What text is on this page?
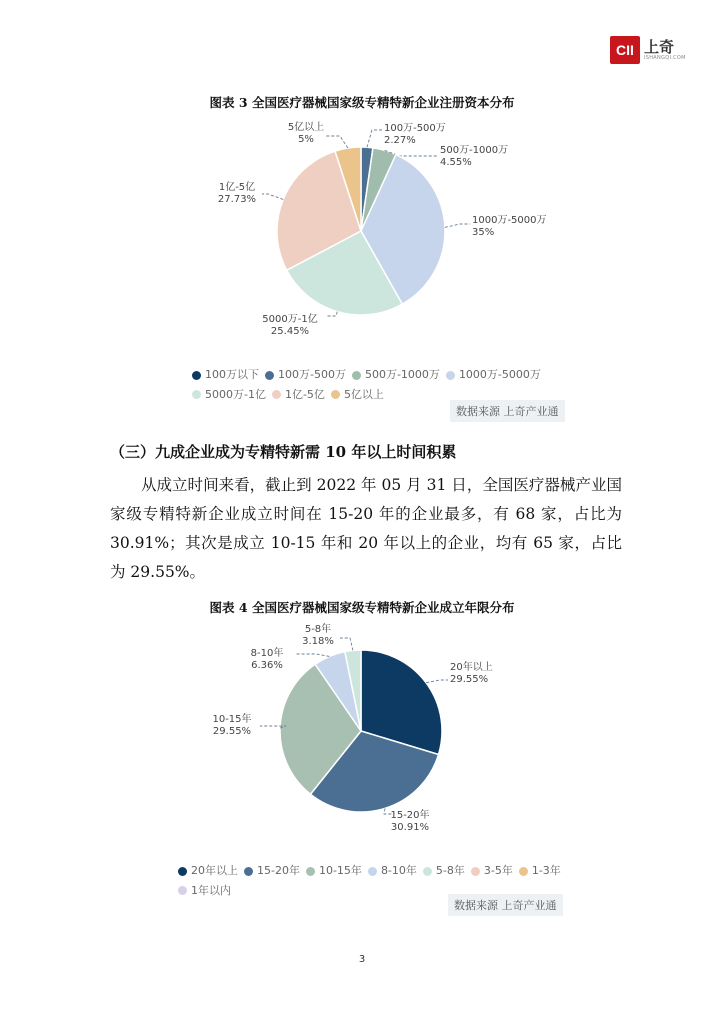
CII 上奇
ISHANGQI.COM
图表 3 全国医疗器械国家级专精特新企业注册资本分布
100万-500万
2.27%
500万-1000万
4.55%
1000万-5000万
35%
5000万-1亿
25.45%
1亿-5亿
27.73%
5亿以上
5%
100万以下 100万-500万 500万-1000万 1000万-5000万
5000万-1亿 1亿-5亿 5亿以上
数据来源 上奇产业通
（三）九成企业成为专精特新需 10 年以上时间积累

从成立时间来看，截止到 2022 年 05 月 31 日，全国医疗器械产业国家级专精特新企业成立时间在 15-20 年的企业最多，有 68 家，占比为 30.91%；其次是成立 10-15 年和 20 年以上的企业，均有 65 家，占比为 29.55%。

图表 4 全国医疗器械国家级专精特新企业成立年限分布
20年以上
29.55%
15-20年
30.91%
10-15年
29.55%
8-10年
6.36%
5-8年
3.18%
20年以上 15-20年 10-15年 8-10年 5-8年 3-5年 1-3年
1年以内
数据来源 上奇产业通
3
